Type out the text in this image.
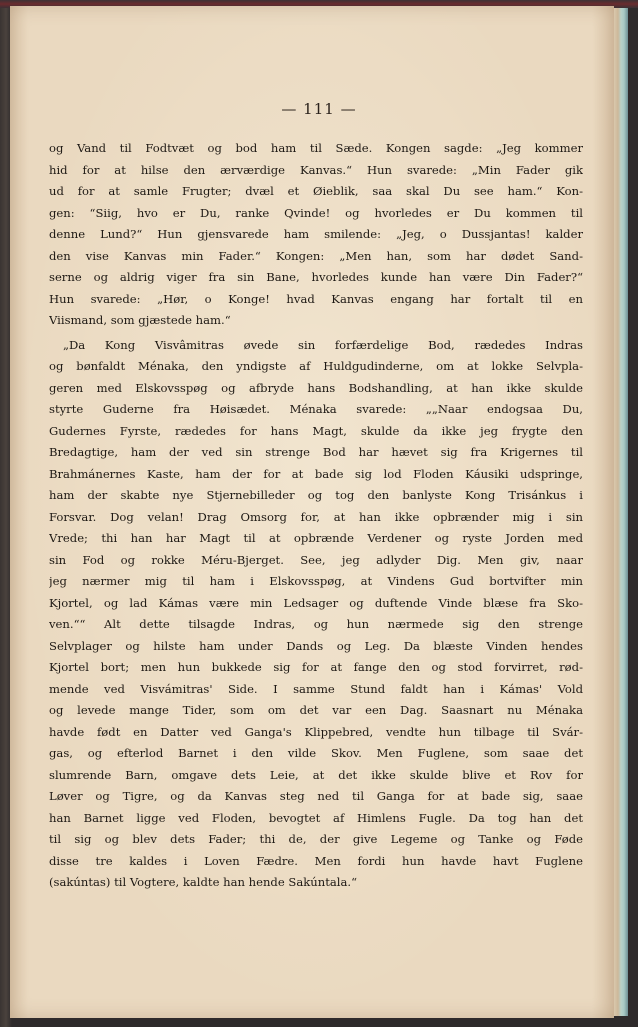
— 111 —
og Vand til Fodtvæt og bod ham til Sæde. Kongen sagde: „Jeg kommer
hid for at hilse den ærværdige Kanvas.“ Hun svarede: „Min Fader gik
ud for at samle Frugter; dvæl et Øieblik, saa skal Du see ham.“ Kon-
gen: “Siig, hvo er Du, ranke Qvinde! og hvorledes er Du kommen til
denne Lund?“ Hun gjensvarede ham smilende: „Jeg, o Dussjantas! kalder
den vise Kanvas min Fader.“ Kongen: „Men han, som har dødet Sand-
serne og aldrig viger fra sin Bane, hvorledes kunde han være Din Fader?“
Hun svarede: „Hør, o Konge! hvad Kanvas engang har fortalt til en
Viismand, som gjæstede ham.“
„Da Kong Visvâmitras øvede sin forfærdelige Bod, rædedes Indras
og bønfaldt Ménaka, den yndigste af Huldgudinderne, om at lokke Selvpla-
geren med Elskovsspøg og afbryde hans Bodshandling, at han ikke skulde
styrte Guderne fra Høisædet. Ménaka svarede: „„Naar endogsaa Du,
Gudernes Fyrste, rædedes for hans Magt, skulde da ikke jeg frygte den
Bredagtige, ham der ved sin strenge Bod har hævet sig fra Krigernes til
Brahmánernes Kaste, ham der for at bade sig lod Floden Káusiki udspringe,
ham der skabte nye Stjernebilleder og tog den banlyste Kong Trisánkus i
Forsvar. Dog velan! Drag Omsorg for, at han ikke opbrænder mig i sin
Vrede; thi han har Magt til at opbrænde Verdener og ryste Jorden med
sin Fod og rokke Méru-Bjerget. See, jeg adlyder Dig. Men giv, naar
jeg nærmer mig til ham i Elskovsspøg, at Vindens Gud bortvifter min
Kjortel, og lad Kámas være min Ledsager og duftende Vinde blæse fra Sko-
ven.““ Alt dette tilsagde Indras, og hun nærmede sig den strenge
Selvplager og hilste ham under Dands og Leg. Da blæste Vinden hendes
Kjortel bort; men hun bukkede sig for at fange den og stod forvirret, rød-
mende ved Visvámitras' Side. I samme Stund faldt han i Kámas' Vold
og levede mange Tider, som om det var een Dag. Saasnart nu Ménaka
havde født en Datter ved Ganga's Klippebred, vendte hun tilbage til Svár-
gas, og efterlod Barnet i den vilde Skov. Men Fuglene, som saae det
slumrende Barn, omgave dets Leie, at det ikke skulde blive et Rov for
Løver og Tigre, og da Kanvas steg ned til Ganga for at bade sig, saae
han Barnet ligge ved Floden, bevogtet af Himlens Fugle. Da tog han det
til sig og blev dets Fader; thi de, der give Legeme og Tanke og Føde
disse tre kaldes i Loven Fædre. Men fordi hun havde havt Fuglene
(sakúntas) til Vogtere, kaldte han hende Sakúntala.“
